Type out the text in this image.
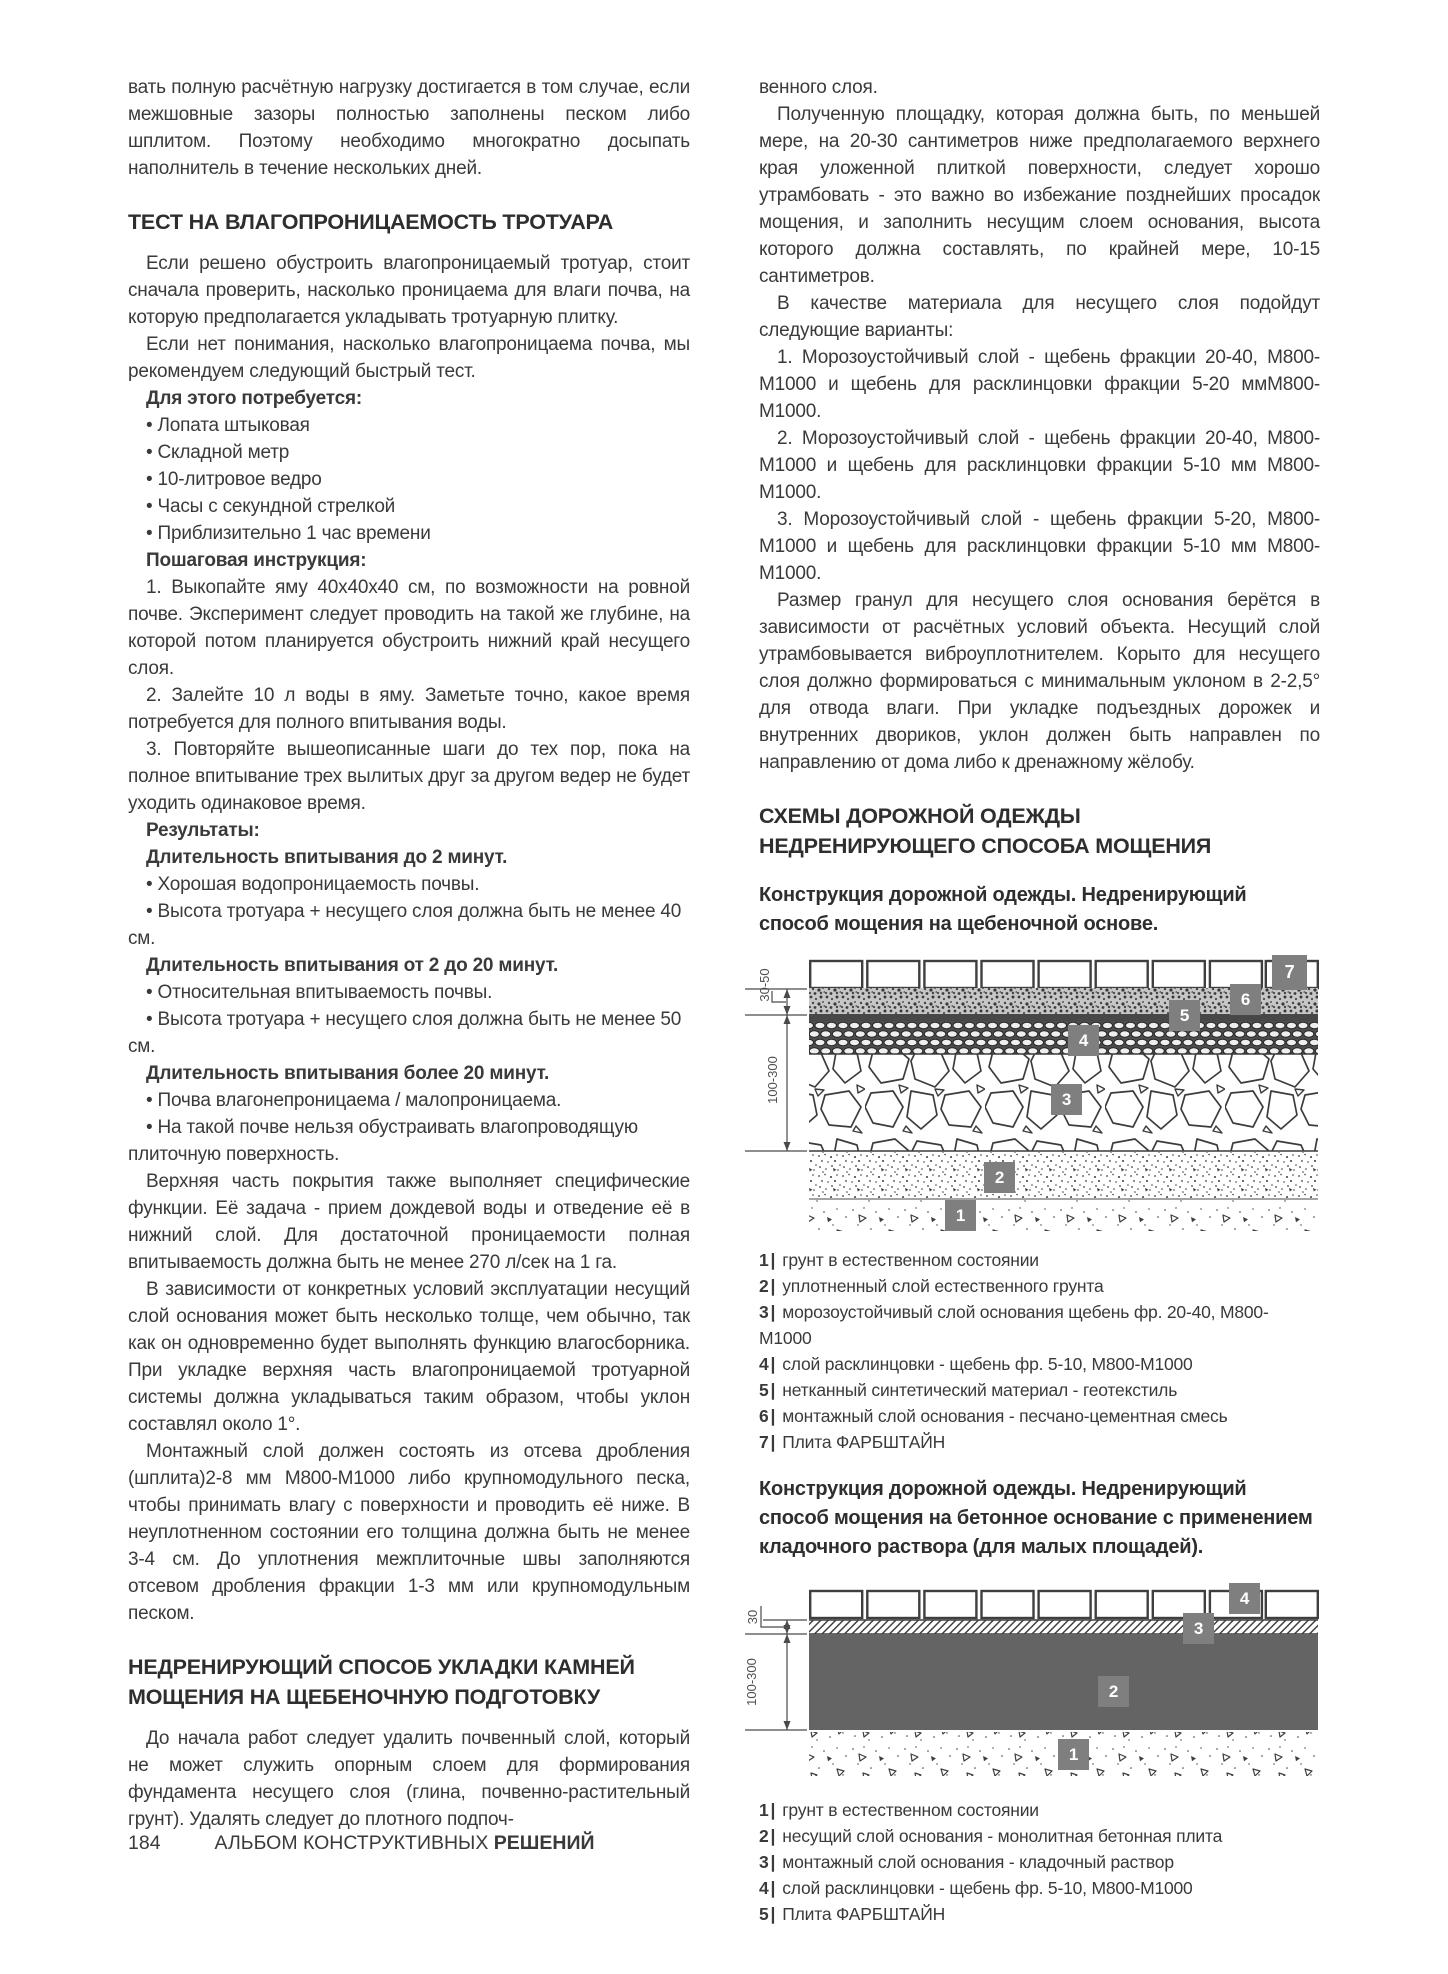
вать полную расчётную нагрузку достигается в том случае, если межшовные зазоры полностью заполнены песком либо шплитом. Поэтому необходимо многократно досыпать наполнитель в течение нескольких дней.

ТЕСТ НА ВЛАГОПРОНИЦАЕМОСТЬ ТРОТУАРА

Если решено обустроить влагопроницаемый тротуар, стоит сначала проверить, насколько проницаема для влаги почва, на которую предполагается укладывать тротуарную плитку.

Если нет понимания, насколько влагопроницаема почва, мы рекомендуем следующий быстрый тест.

Для этого потребуется:

• Лопата штыковая

• Складной метр

• 10-литровое ведро

• Часы с секундной стрелкой

• Приблизительно 1 час времени

Пошаговая инструкция:

1. Выкопайте яму 40х40х40 см, по возможности на ровной почве. Эксперимент следует проводить на такой же глубине, на которой потом планируется обустроить нижний край несущего слоя.

2. Залейте 10 л воды в яму. Заметьте точно, какое время потребуется для полного впитывания воды.

3. Повторяйте вышеописанные шаги до тех пор, пока на полное впитывание трех вылитых друг за другом ведер не будет уходить одинаковое время.

Результаты:

Длительность впитывания до 2 минут.

• Хорошая водопроницаемость почвы.

• Высота тротуара + несущего слоя должна быть не менее 40 см.

Длительность впитывания от 2 до 20 минут.

• Относительная впитываемость почвы.

• Высота тротуара + несущего слоя должна быть не менее 50 см.

Длительность впитывания более 20 минут.

• Почва влагонепроницаема / малопроницаема.

• На такой почве нельзя обустраивать влагопроводящую плиточную поверхность.

Верхняя часть покрытия также выполняет специфические функции. Её задача - прием дождевой воды и отведение её в нижний слой. Для достаточной проницаемости полная впитываемость должна быть не менее 270 л/сек на 1 га.

В зависимости от конкретных условий эксплуатации несущий слой основания может быть несколько толще, чем обычно, так как он одновременно будет выполнять функцию влагосборника. При укладке верхняя часть влагопроницаемой тротуарной системы должна укладываться таким образом, чтобы уклон составлял около 1°.

Монтажный слой должен состоять из отсева дробления (шплита)2-8 мм М800-М1000 либо крупномодульного песка, чтобы принимать влагу с поверхности и проводить её ниже. В неуплотненном состоянии его толщина должна быть не менее 3-4 см. До уплотнения межплиточные швы заполняются отсевом дробления фракции 1-3 мм или крупномодульным песком.

НЕДРЕНИРУЮЩИЙ СПОСОБ УКЛАДКИ КАМНЕЙ
МОЩЕНИЯ НА ЩЕБЕНОЧНУЮ ПОДГОТОВКУ

До начала работ следует удалить почвенный слой, который не может служить опорным слоем для формирования фундамента несущего слоя (глина, почвенно-растительный грунт). Удалять следует до плотного подпоч-

венного слоя.

Полученную площадку, которая должна быть, по меньшей мере, на 20-30 сантиметров ниже предполагаемого верхнего края уложенной плиткой поверхности, следует хорошо утрамбовать - это важно во избежание позднейших просадок мощения, и заполнить несущим слоем основания, высота которого должна составлять, по крайней мере, 10-15 сантиметров.

В качестве материала для несущего слоя подойдут следующие варианты:

1. Морозоустойчивый слой - щебень фракции 20-40, М800-М1000 и щебень для расклинцовки фракции 5-20 ммМ800-М1000.

2. Морозоустойчивый слой - щебень фракции 20-40, М800-М1000 и щебень для расклинцовки фракции 5-10 мм М800-М1000.

3. Морозоустойчивый слой - щебень фракции 5-20, М800-М1000 и щебень для расклинцовки фракции 5-10 мм М800-М1000.

Размер гранул для несущего слоя основания берётся в зависимости от расчётных условий объекта. Несущий слой утрамбовывается виброуплотнителем. Корыто для несущего слоя должно формироваться с минимальным уклоном в 2-2,5° для отвода влаги. При укладке подъездных дорожек и внутренних двориков, уклон должен быть направлен по направлению от дома либо к дренажному жёлобу.

СХЕМЫ ДОРОЖНОЙ ОДЕЖДЫ
НЕДРЕНИРУЮЩЕГО СПОСОБА МОЩЕНИЯ
Конструкция дорожной одежды. Недренирующий способ мощения на щебеночной основе.
30-50
100-300
7
6
5
4
3
2
1
1 | грунт в естественном состоянии
2 | уплотненный слой естественного грунта
3 | морозоустойчивый слой основания щебень фр. 20-40, М800-М1000
4 | слой расклинцовки - щебень фр. 5-10, М800-М1000
5 | нетканный синтетический материал - геотекстиль
6 | монтажный слой основания - песчано-цементная смесь
7 | Плита ФАРБШТАЙН
Конструкция дорожной одежды. Недренирующий способ мощения на бетонное основание с применением кладочного раствора (для малых площадей).
30
100-300
4
3
2
1
1 | грунт в естественном состоянии
2 | несущий слой основания - монолитная бетонная плита
3 | монтажный слой основания - кладочный раствор
4 | слой расклинцовки - щебень фр. 5-10, М800-М1000
5 | Плита ФАРБШТАЙН
184	АЛЬБОМ КОНСТРУКТИВНЫХ РЕШЕНИЙ
